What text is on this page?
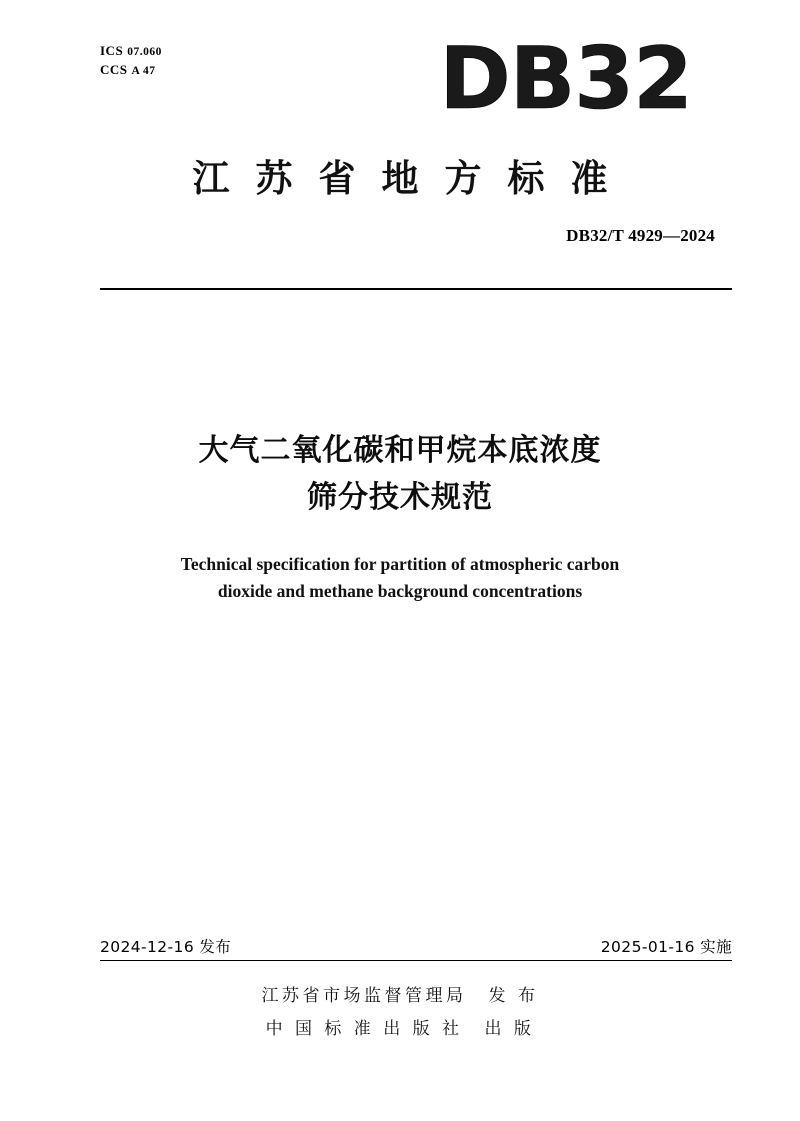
ICS 07.060
CCS A 47	DB32
江苏省地方标准
DB32/T 4929—2024
大气二氧化碳和甲烷本底浓度
筛分技术规范
Technical specification for partition of atmospheric carbon
dioxide and methane background concentrations
2024-12-16 发布	2025-01-16 实施
江苏省市场监督管理局 发 布
中 国 标 准 出 版 社 出 版
